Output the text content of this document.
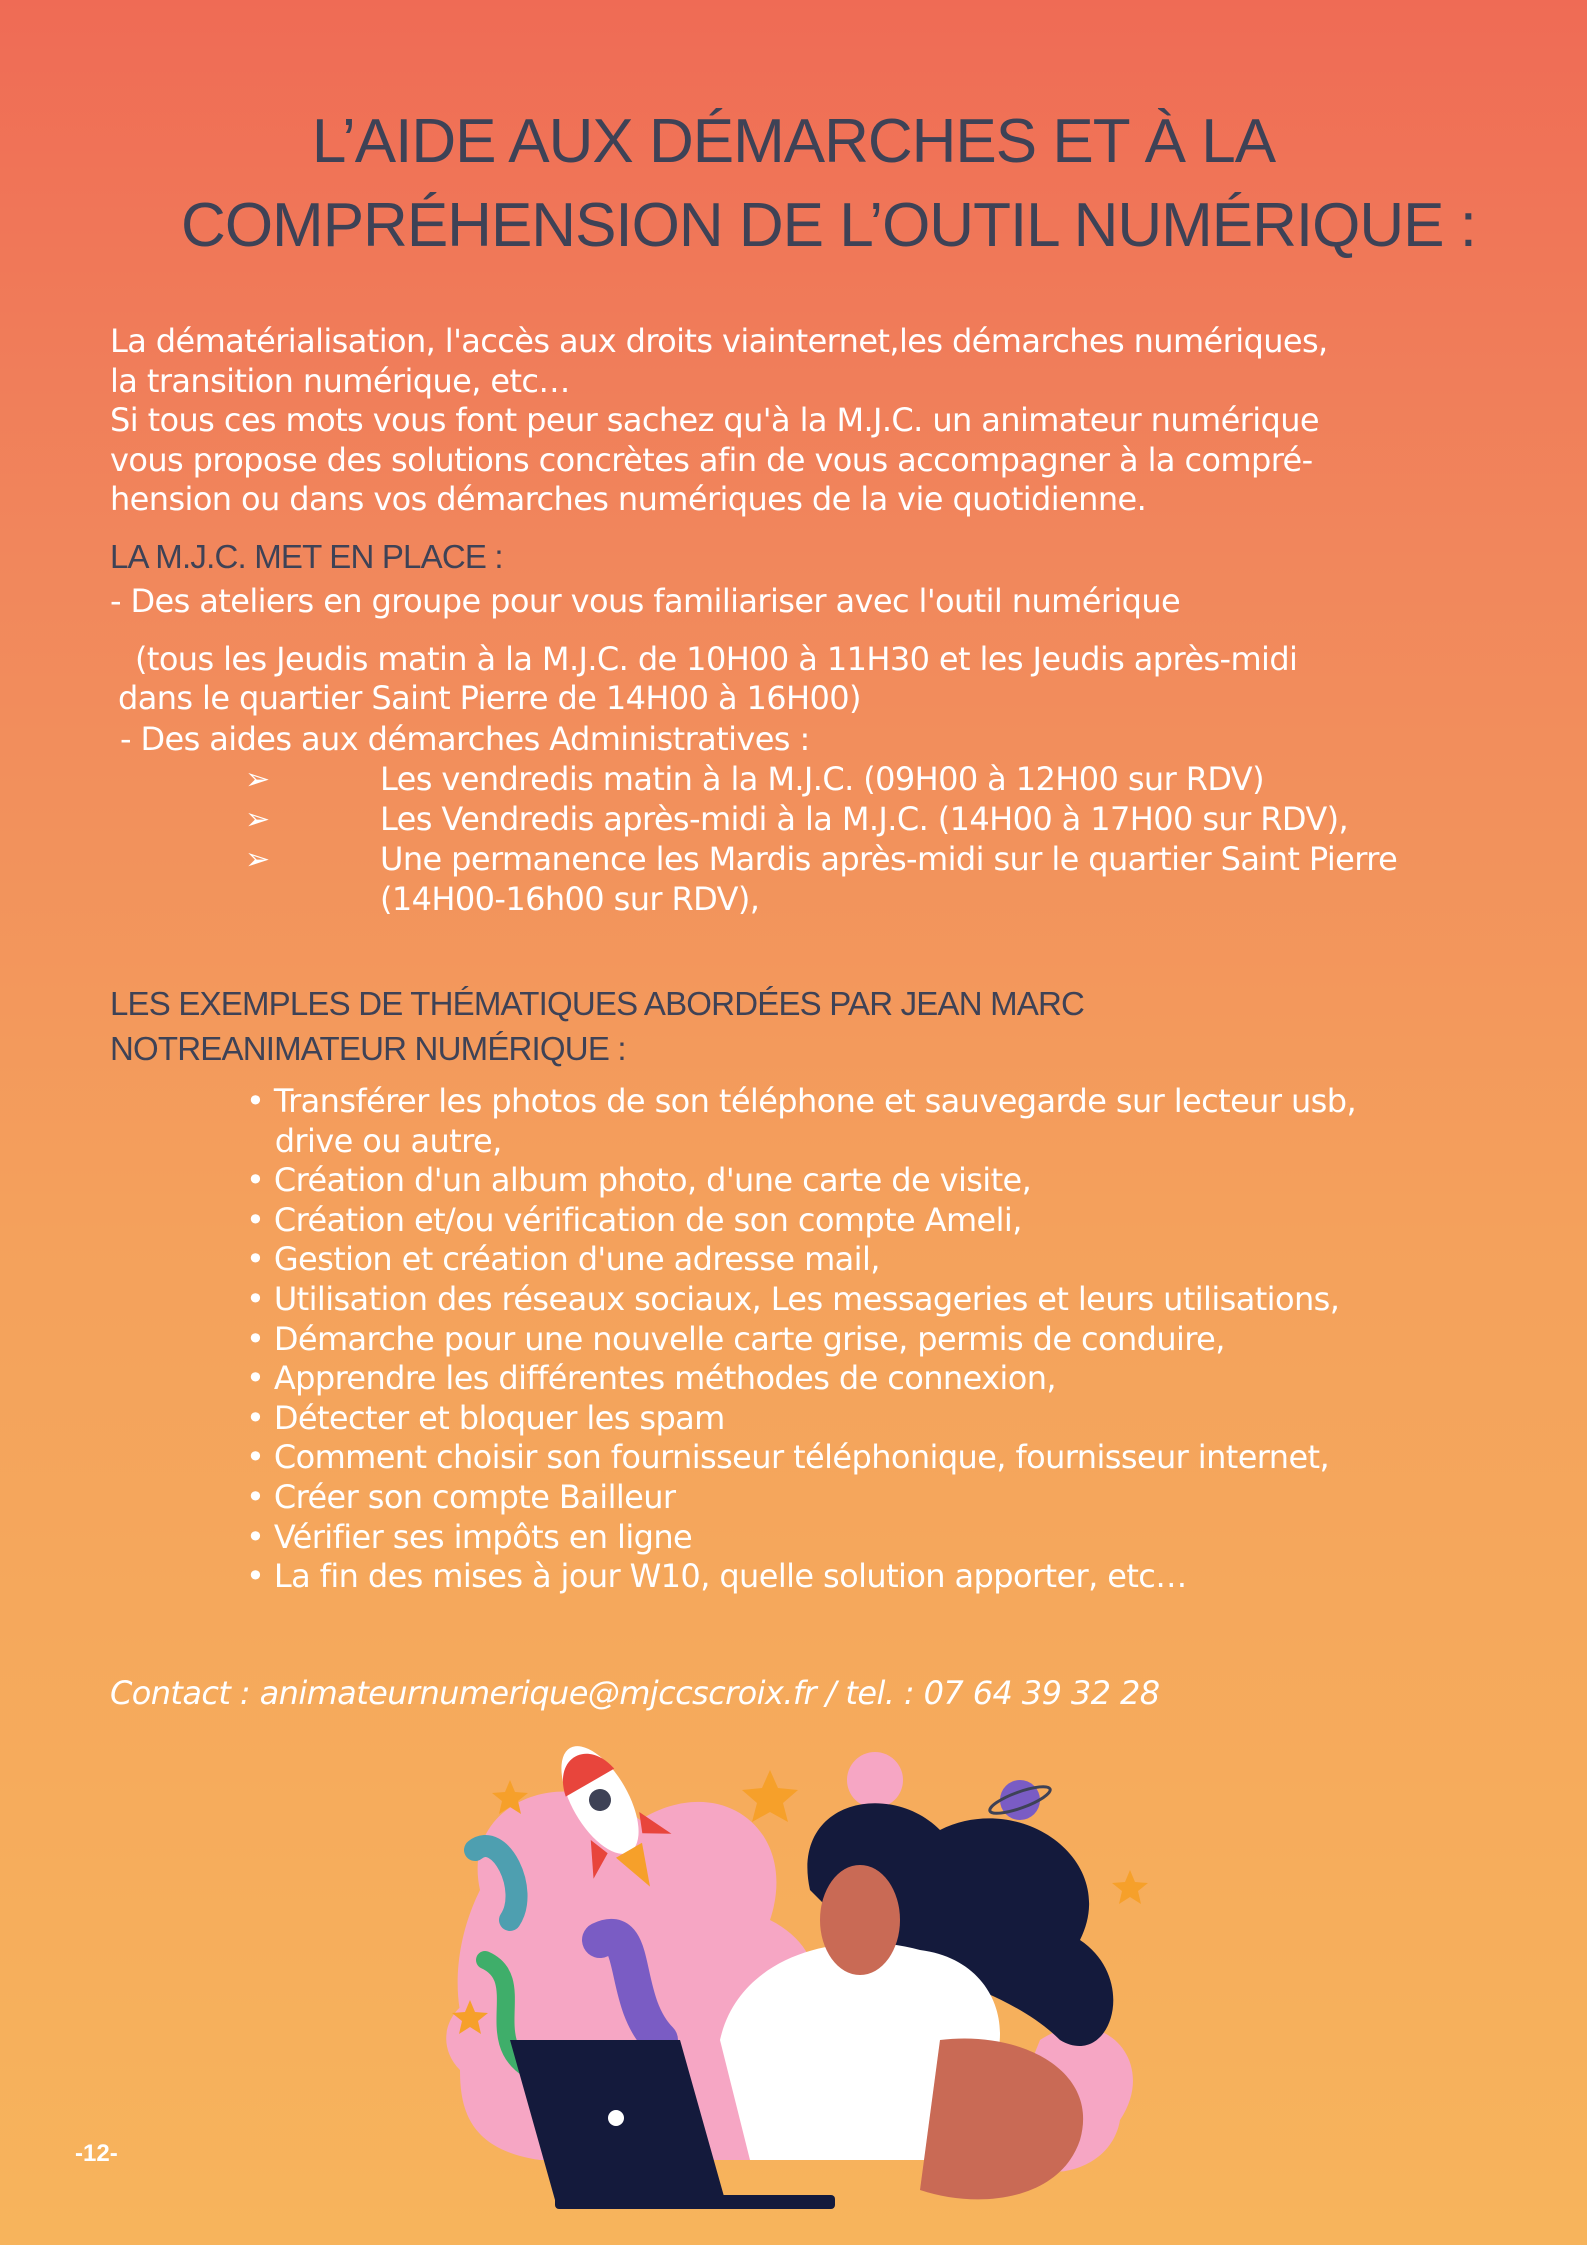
L’AIDE AUX DÉMARCHES ET À LA
COMPRÉHENSION DE L’OUTIL NUMÉRIQUE :
La dématérialisation, l'accès aux droits viainternet,les démarches numériques,
la transition numérique, etc…
Si tous ces mots vous font peur sachez qu'à la M.J.C. un animateur numérique
vous propose des solutions concrètes afin de vous accompagner à la compré-
hension ou dans vos démarches numériques de la vie quotidienne.
LA M.J.C. MET EN PLACE :
- Des ateliers en groupe pour vous familiariser avec l'outil numérique
(tous les Jeudis matin à la M.J.C. de 10H00 à 11H30 et les Jeudis après-midi
dans le quartier Saint Pierre de 14H00 à 16H00)
- Des aides aux démarches Administratives :
➢	Les vendredis matin à la M.J.C. (09H00 à 12H00 sur RDV)
➢	Les Vendredis après-midi à la M.J.C. (14H00 à 17H00 sur RDV),
➢	Une permanence les Mardis après-midi sur le quartier Saint Pierre
(14H00-16h00 sur RDV),
LES EXEMPLES DE THÉMATIQUES ABORDÉES PAR JEAN MARC
NOTREANIMATEUR NUMÉRIQUE :
• Transférer les photos de son téléphone et sauvegarde sur lecteur usb,
drive ou autre,
• Création d'un album photo, d'une carte de visite,
• Création et/ou vérification de son compte Ameli,
• Gestion et création d'une adresse mail,
• Utilisation des réseaux sociaux, Les messageries et leurs utilisations,
• Démarche pour une nouvelle carte grise, permis de conduire,
• Apprendre les différentes méthodes de connexion,
• Détecter et bloquer les spam
• Comment choisir son fournisseur téléphonique, fournisseur internet,
• Créer son compte Bailleur
• Vérifier ses impôts en ligne
• La fin des mises à jour W10, quelle solution apporter, etc…
Contact : animateurnumerique@mjccscroix.fr / tel. : 07 64 39 32 28
-12-
